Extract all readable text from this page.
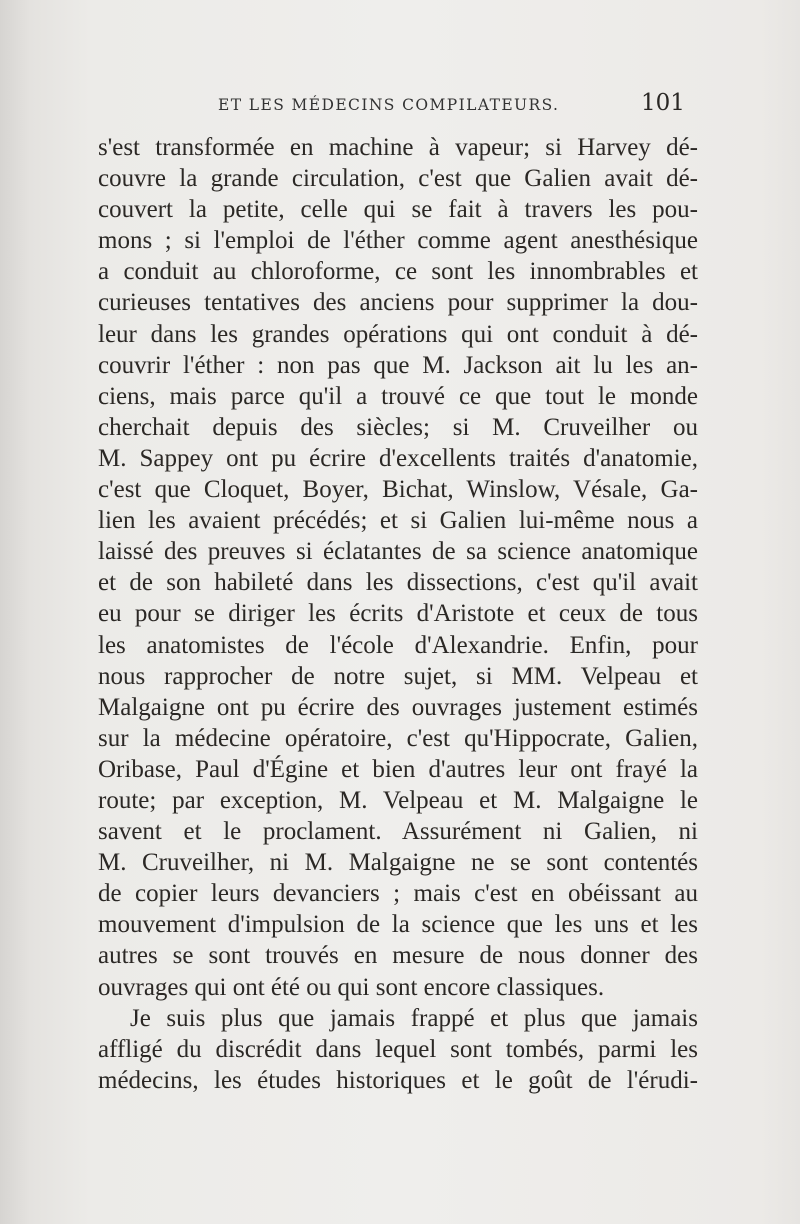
ET LES MÉDECINS COMPILATEURS.	101
s'est transformée en machine à vapeur; si Harvey dé-
couvre la grande circulation, c'est que Galien avait dé-
couvert la petite, celle qui se fait à travers les pou-
mons ; si l'emploi de l'éther comme agent anesthésique
a conduit au chloroforme, ce sont les innombrables et
curieuses tentatives des anciens pour supprimer la dou-
leur dans les grandes opérations qui ont conduit à dé-
couvrir l'éther : non pas que M. Jackson ait lu les an-
ciens, mais parce qu'il a trouvé ce que tout le monde
cherchait depuis des siècles; si M. Cruveilher ou
M. Sappey ont pu écrire d'excellents traités d'anatomie,
c'est que Cloquet, Boyer, Bichat, Winslow, Vésale, Ga-
lien les avaient précédés; et si Galien lui-même nous a
laissé des preuves si éclatantes de sa science anatomique
et de son habileté dans les dissections, c'est qu'il avait
eu pour se diriger les écrits d'Aristote et ceux de tous
les anatomistes de l'école d'Alexandrie. Enfin, pour
nous rapprocher de notre sujet, si MM. Velpeau et
Malgaigne ont pu écrire des ouvrages justement estimés
sur la médecine opératoire, c'est qu'Hippocrate, Galien,
Oribase, Paul d'Égine et bien d'autres leur ont frayé la
route; par exception, M. Velpeau et M. Malgaigne le
savent et le proclament. Assurément ni Galien, ni
M. Cruveilher, ni M. Malgaigne ne se sont contentés
de copier leurs devanciers ; mais c'est en obéissant au
mouvement d'impulsion de la science que les uns et les
autres se sont trouvés en mesure de nous donner des
ouvrages qui ont été ou qui sont encore classiques.
Je suis plus que jamais frappé et plus que jamais
affligé du discrédit dans lequel sont tombés, parmi les
médecins, les études historiques et le goût de l'érudi-
